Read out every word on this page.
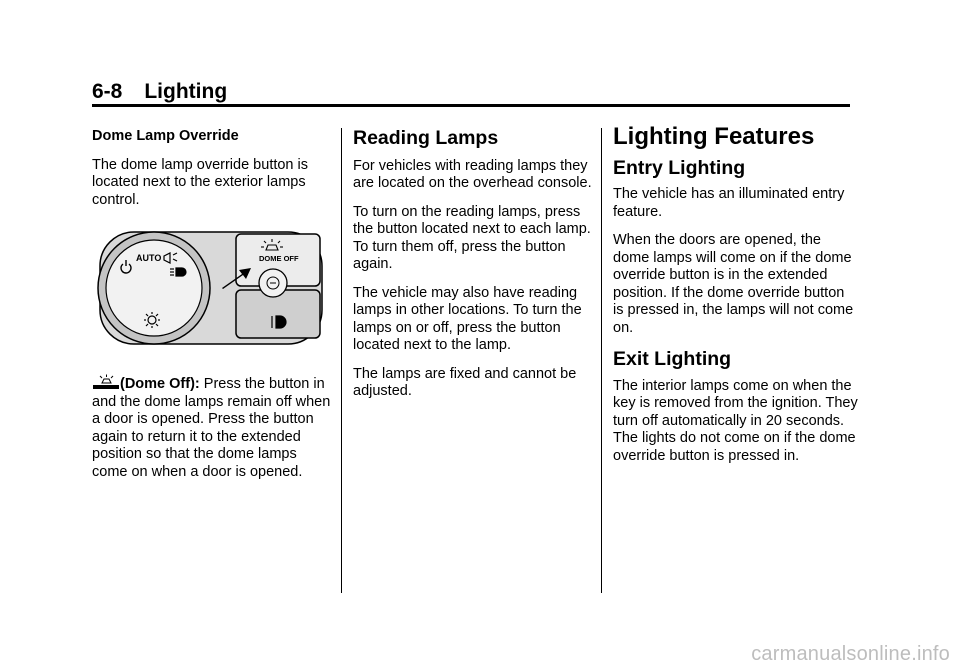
6-8 Lighting

Dome Lamp Override

The dome lamp override button is located next to the exterior lamps control.

AUTO	DOME OFF

(Dome Off): Press the button in and the dome lamps remain off when a door is opened. Press the button again to return it to the extended position so that the dome lamps come on when a door is opened.

Reading Lamps

For vehicles with reading lamps they are located on the overhead console.

To turn on the reading lamps, press the button located next to each lamp. To turn them off, press the button again.

The vehicle may also have reading lamps in other locations. To turn the lamps on or off, press the button located next to the lamp.

The lamps are fixed and cannot be adjusted.

Lighting Features
Entry Lighting

The vehicle has an illuminated entry feature.

When the doors are opened, the dome lamps will come on if the dome override button is in the extended position. If the dome override button is pressed in, the lamps will not come on.

Exit Lighting

The interior lamps come on when the key is removed from the ignition. They turn off automatically in 20 seconds. The lights do not come on if the dome override button is pressed in.

carmanualsonline.info
